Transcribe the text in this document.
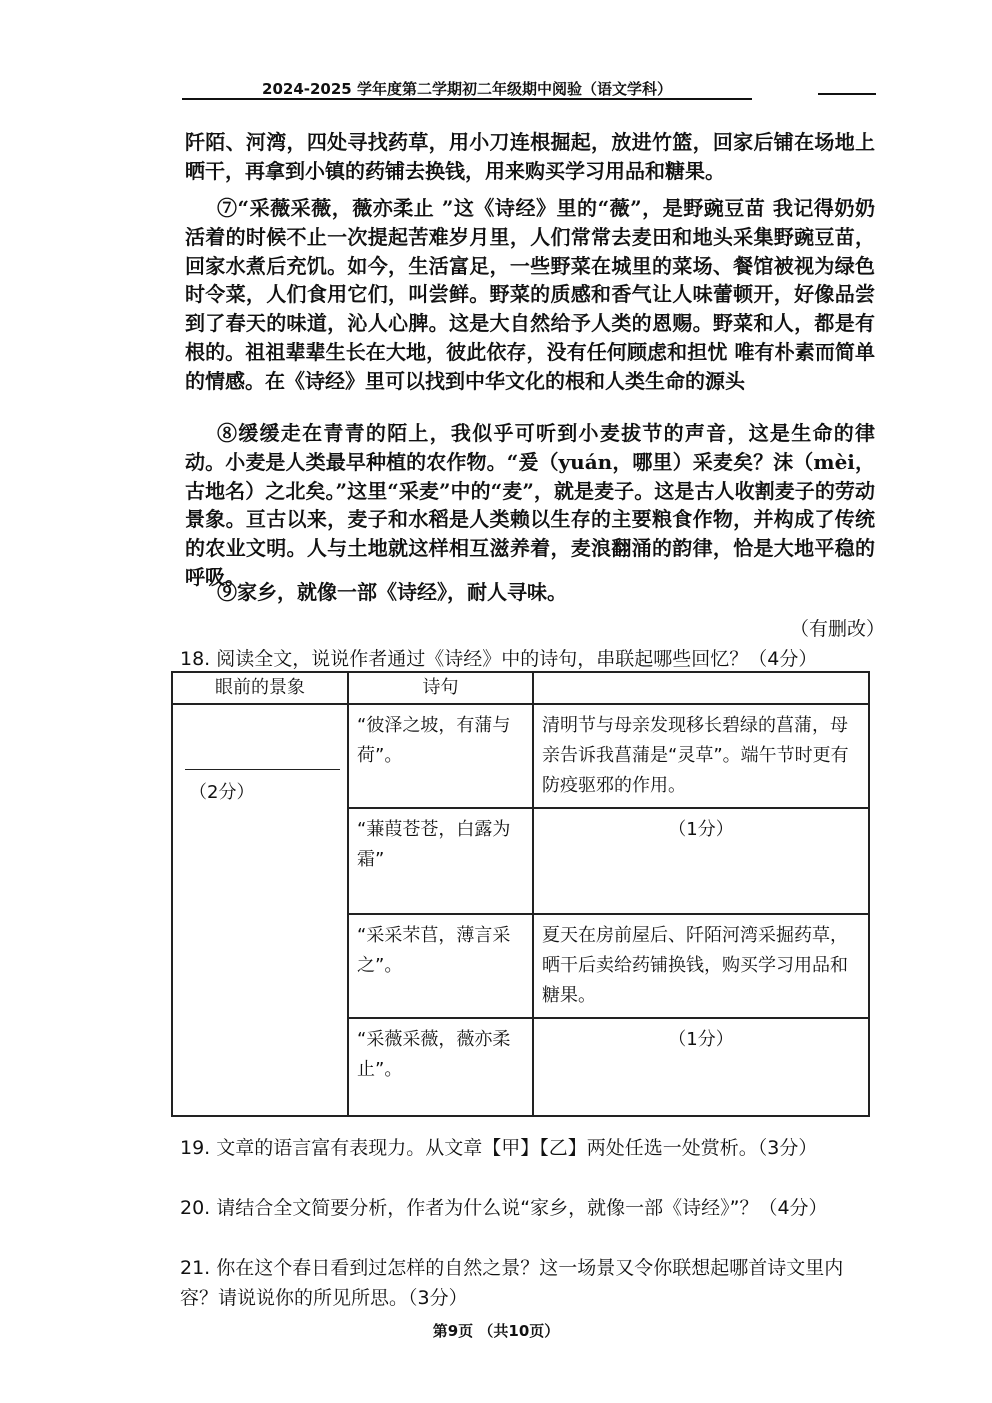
2024-2025 学年度第二学期初二年级期中阅验（语文学科）

阡陌、河湾，四处寻找药草，用小刀连根掘起，放进竹篮，回家后铺在场地上晒干，再拿到小镇的药铺去换钱，用来购买学习用品和糖果。

⑦“采薇采薇，薇亦柔止 ”这《诗经》里的“薇”，是野豌豆苗 我记得奶奶活着的时候不止一次提起苦难岁月里，人们常常去麦田和地头采集野豌豆苗，回家水煮后充饥。如今，生活富足，一些野菜在城里的菜场、餐馆被视为绿色时令菜，人们食用它们，叫尝鲜。野菜的质感和香气让人味蕾顿开，好像品尝到了春天的味道，沁人心脾。这是大自然给予人类的恩赐。野菜和人，都是有根的。祖祖辈辈生长在大地，彼此依存，没有任何顾虑和担忧 唯有朴素而简单的情感。在《诗经》里可以找到中华文化的根和人类生命的源头

⑧缓缓走在青青的陌上，我似乎可听到小麦拔节的声音，这是生命的律动。小麦是人类最早种植的农作物。“爰（yuán，哪里）采麦矣？沫（mèi，古地名）之北矣。”这里“采麦”中的“麦”，就是麦子。这是古人收割麦子的劳动景象。亘古以来，麦子和水稻是人类赖以生存的主要粮食作物，并构成了传统的农业文明。人与土地就这样相互滋养着，麦浪翻涌的韵律，恰是大地平稳的呼吸。

⑨家乡，就像一部《诗经》，耐人寻味。

（有删改）

18. 阅读全文，说说作者通过《诗经》中的诗句，串联起哪些回忆？（4分）

眼前的景象	诗句	

（2分）	“彼泽之坡，有蒲与荷”。	清明节与母亲发现移长碧绿的菖蒲，母亲告诉我菖蒲是“灵草”。端午节时更有防疫驱邪的作用。
	“蒹葭苍苍，白露为霜”	（1分）
	“采采芣苢，薄言采之”。	夏天在房前屋后、阡陌河湾采掘药草，晒干后卖给药铺换钱，购买学习用品和糖果。
	“采薇采薇，薇亦柔止”。	（1分）

19. 文章的语言富有表现力。从文章【甲】【乙】两处任选一处赏析。（3分）

20. 请结合全文简要分析，作者为什么说“家乡，就像一部《诗经》”？（4分）

21. 你在这个春日看到过怎样的自然之景？这一场景又令你联想起哪首诗文里内容？请说说你的所见所思。（3分）

第9页 （共10页）
